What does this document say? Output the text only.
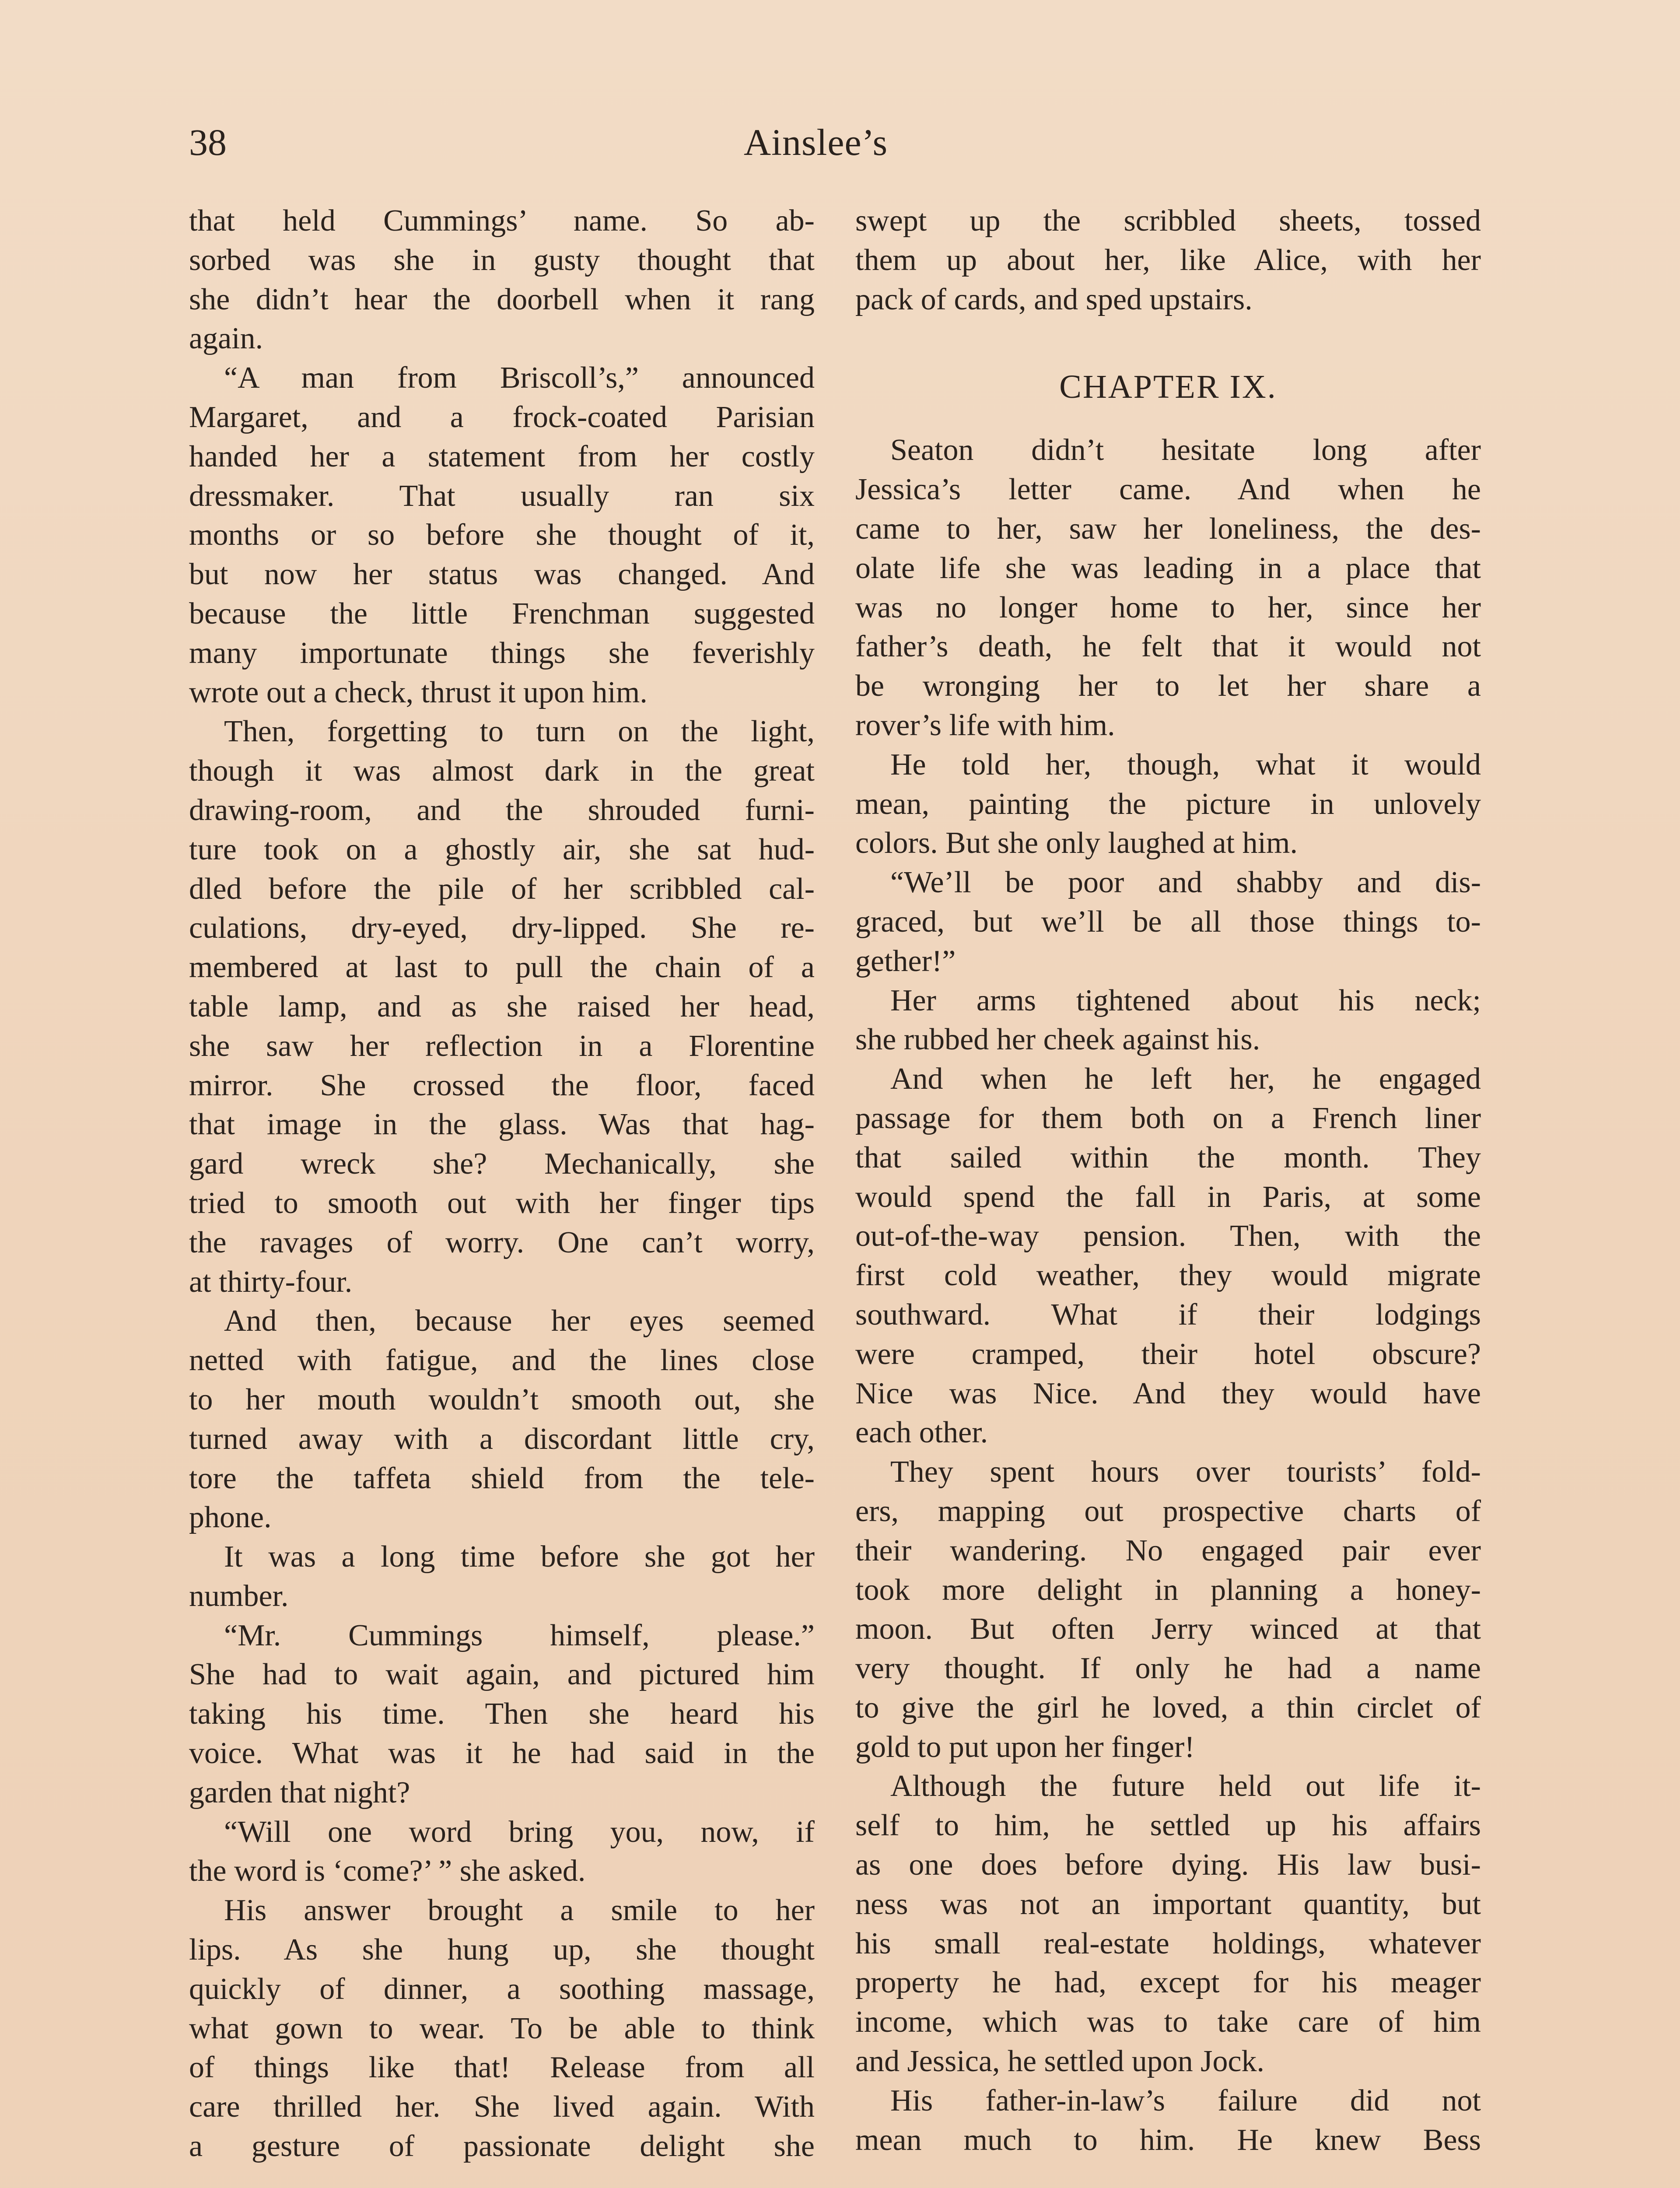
38	Ainslee’s
that held Cummings’ name. So ab-
sorbed was she in gusty thought that
she didn’t hear the doorbell when it rang
again.
“A man from Briscoll’s,” announced
Margaret, and a frock-coated Parisian
handed her a statement from her costly
dressmaker. That usually ran six
months or so before she thought of it,
but now her status was changed. And
because the little Frenchman suggested
many importunate things she feverishly
wrote out a check, thrust it upon him.
Then, forgetting to turn on the light,
though it was almost dark in the great
drawing-room, and the shrouded furni-
ture took on a ghostly air, she sat hud-
dled before the pile of her scribbled cal-
culations, dry-eyed, dry-lipped. She re-
membered at last to pull the chain of a
table lamp, and as she raised her head,
she saw her reflection in a Florentine
mirror. She crossed the floor, faced
that image in the glass. Was that hag-
gard wreck she? Mechanically, she
tried to smooth out with her finger tips
the ravages of worry. One can’t worry,
at thirty-four.
And then, because her eyes seemed
netted with fatigue, and the lines close
to her mouth wouldn’t smooth out, she
turned away with a discordant little cry,
tore the taffeta shield from the tele-
phone.
It was a long time before she got her
number.
“Mr. Cummings himself, please.”
She had to wait again, and pictured him
taking his time. Then she heard his
voice. What was it he had said in the
garden that night?
“Will one word bring you, now, if
the word is ‘come?’ ” she asked.
His answer brought a smile to her
lips. As she hung up, she thought
quickly of dinner, a soothing massage,
what gown to wear. To be able to think
of things like that! Release from all
care thrilled her. She lived again. With
a gesture of passionate delight she
swept up the scribbled sheets, tossed
them up about her, like Alice, with her
pack of cards, and sped upstairs.
CHAPTER IX.
Seaton didn’t hesitate long after
Jessica’s letter came. And when he
came to her, saw her loneliness, the des-
olate life she was leading in a place that
was no longer home to her, since her
father’s death, he felt that it would not
be wronging her to let her share a
rover’s life with him.
He told her, though, what it would
mean, painting the picture in unlovely
colors. But she only laughed at him.
“We’ll be poor and shabby and dis-
graced, but we’ll be all those things to-
gether!”
Her arms tightened about his neck;
she rubbed her cheek against his.
And when he left her, he engaged
passage for them both on a French liner
that sailed within the month. They
would spend the fall in Paris, at some
out-of-the-way pension. Then, with the
first cold weather, they would migrate
southward. What if their lodgings
were cramped, their hotel obscure?
Nice was Nice. And they would have
each other.
They spent hours over tourists’ fold-
ers, mapping out prospective charts of
their wandering. No engaged pair ever
took more delight in planning a honey-
moon. But often Jerry winced at that
very thought. If only he had a name
to give the girl he loved, a thin circlet of
gold to put upon her finger!
Although the future held out life it-
self to him, he settled up his affairs
as one does before dying. His law busi-
ness was not an important quantity, but
his small real-estate holdings, whatever
property he had, except for his meager
income, which was to take care of him
and Jessica, he settled upon Jock.
His father-in-law’s failure did not
mean much to him. He knew Bess
